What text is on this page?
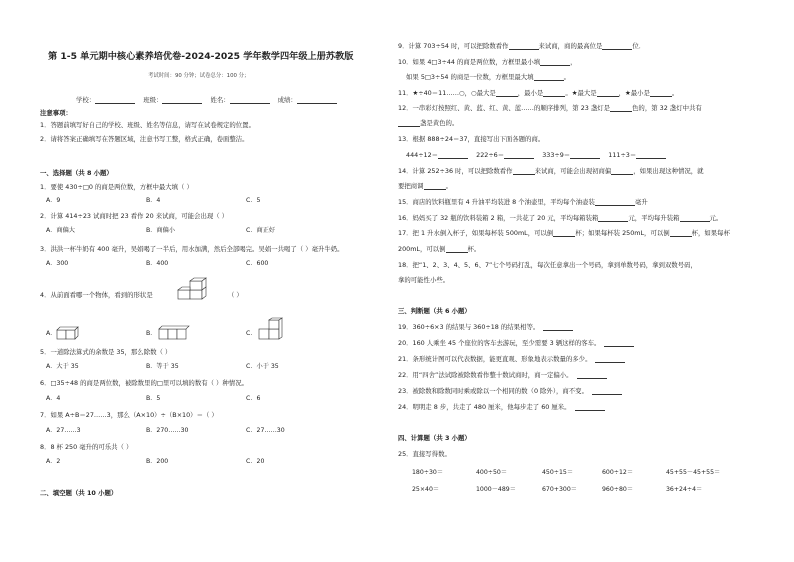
第 1-5 单元期中核心素养培优卷-2024-2025 学年数学四年级上册苏教版
考试时间：90 分钟；试卷总分：100 分；
学校：	班级：	姓名：	成绩：
注意事项：
1．答题前填写好自己的学校、班级、姓名等信息，请写在试卷规定的位置。
2．请将答案正确填写在答题区域，注意书写工整，格式正确，卷面整洁。
一、选择题（共 8 小题）
1．要使 430÷□0 的商是两位数，方框中最大填（ ）
A．9	B．4	C．5
2．计算 414÷23 试商时把 23 看作 20 来试商，可能会出现（ ）
A．商偏大	B．商偏小	C．商正好
3．洪洪一杯牛奶有 400 毫升，吴娟喝了一半后，用水加满，然后全部喝完。吴娟一共喝了（ ）毫升牛奶。
A．300	B．400	C．600
4．从前面看哪一个物体，看到的形状是	（ ）
A．	B．	C．
5．一道除法算式的余数是 35，那么除数（ ）
A．大于 35	B．等于 35	C．小于 35
6．□35÷48 的商是两位数，被除数里的□里可以填的数有（ ）种情况。
A．4	B．5	C．6
7．如果 A÷B＝27……3，那么（A×10）÷（B×10）＝（ ）
A．27……3	B．270……30	C．27……30
8．8 杯 250 毫升的可乐共（ ）
A．2	B．200	C．20
二、填空题（共 10 小题）
9．计算 703÷54 时，可以把除数看作	来试商，商的最高位是	位．
10．如果 4□3÷44 的商是两位数，方框里最小填	，
如果 5□3÷54 的商是一位数，方框里最大填	。
11．★÷40＝11……○，○最大是	，最小是	。★最大是	，★最小是	。
12．一串彩灯按照红、黄、蓝、红、黄、蓝……的顺序排列，第 23 盏灯是	色的，第 32 盏灯中共有
盏是黄色的。
13．根据 888÷24＝37，直接写出下面各题的商。
444÷12＝	222÷6＝	333÷9＝	111÷3＝
14．计算 252÷36 时，可以把除数看作	来试商，可能会出现初商偏	，如果出现这种情况，就
要把商调	。
15．商店的饮料瓶里有 4 升油平均装进 8 个油壶里，平均每个油壶装	毫升
16．妈妈买了 32 瓶的饮料装箱 2 箱，一共花了 20 元，平均每箱装箱	元，平均每升装箱	元。
17．把 1 升水倒入杯子，如果每杯装 500mL，可以倒	杯；如果每杯装 250mL，可以倒	杯，如果每杯
200mL，可以倒	杯。
18．把“1、2、3、4、5、6、7”七个号码打乱，每次任意拿出一个号码，拿到单数号码，拿到双数号码，
拿的可能性小些。
三、判断题（共 6 小题）
19．360÷6×3 的结果与 360÷18 的结果相等。
20．160 人乘坐 45 个座位的客车去游玩，至少需要 3 辆这样的客车。
21．条形统计图可以代表数据，能更直观、形象地表示数量的多少。
22．用“四舍”法试除被除数看作整十数试商时，商一定偏小。
23．被除数和除数同时乘或除以一个相同的数（0 除外），商不变。
24．明明走 8 步，共走了 480 厘米，他每步走了 60 厘米。
四、计算题（共 3 小题）
25．直接写得数。
180÷30＝	400÷50＝	450÷15＝	600÷12＝	45+55－45+55＝
25×40＝	1000－489＝	670+300＝	960÷80＝	36+24÷4＝
